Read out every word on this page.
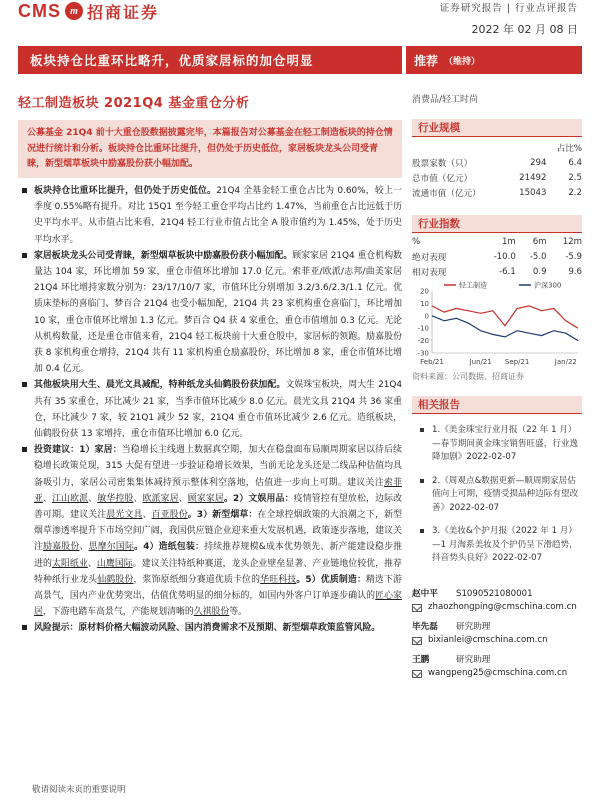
CMS m 招商证券	证券研究报告 | 行业点评报告
2022 年 02 月 08 日
板块持仓比重环比略升，优质家居标的加仓明显	推荐 （维持）
轻工制造板块 2021Q4 基金重仓分析
公募基金 21Q4 前十大重仓股数据披露完毕，本篇报告对公募基金在轻工制造板块的持仓情况进行统计和分析。板块持仓比重环比提升，但仍处于历史低位，家居板块龙头公司受青睐，新型烟草板块中励嘉股份获小幅加配。
板块持仓比重环比提升，但仍处于历史低位。21Q4 全基金轻工重仓占比为 0.60%，较上一季度 0.55%略有提升。对比 15Q1 至今轻工重仓平均占比约 1.47%，当前重仓占比远低于历史平均水平。从市值占比来看，21Q4 轻工行业市值占比全 A 股市值约为 1.45%，处于历史平均水平。
家居板块龙头公司受青睐，新型烟草板块中励嘉股份获小幅加配。顾家家居 21Q4 重仓机构数量达 104 家，环比增加 59 家，重仓市值环比增加 17.0 亿元。索菲亚/欧派/志邦/曲美家居 21Q4 环比增持家数分别为：23/17/10/7 家，市值环比分别增加 3.2/3.6/2.3/1.1 亿元。优质床垫标的喜临门、梦百合 21Q4 也受小幅加配，21Q4 共 23 家机构重仓喜临门，环比增加 10 家，重仓市值环比增加 1.3 亿元。梦百合 Q4 获 4 家重仓，重仓市值增加 0.3 亿元。无论从机构数量，还是重仓市值来看，21Q4 轻工板块前十大重仓股中，家居标的领跑。励嘉股份获 8 家机构重仓增持，21Q4 共有 11 家机构重仓励嘉股份，环比增加 8 家，重仓市值环比增加 0.4 亿元。
其他板块用大生、晨光文具减配，特种纸龙头仙鹤股份获加配。文娱珠宝板块，周大生 21Q4 共有 35 家重仓，环比减少 21 家，当季市值环比减少 8.0 亿元。晨光文具 21Q4 共 36 家重仓，环比减少 7 家，较 21Q1 减少 52 家，21Q4 重仓市值环比减少 2.6 亿元。造纸板块，仙鹤股份获 13 家增持，重仓市值环比增加 6.0 亿元。
投资建议：1）家居：当稳增长主线週上数据真空期，加大在稳盘面布局顺周期家居以待后续稳增长政策兑现，315 大促有望进一步验证稳增长效果，当前无论龙头还是二线品种估值均具备吸引力，家居公司密集集体减持预示整体利空落地，估值进一步向上可期。建议关注索菲亚、江山欧派、敏华控股、欧派家居、顾家家居。2）文娱用品：疫情管控有望放松，边际改善可期。建议关注晨光文具、百亚股份。3）新型烟草：在全球控烟政策的大浪潮之下，新型烟草渗透率提升下市场空间广阔，我国供应链企业迎来重大发展机遇，政策逐步落地，建议关注励嘉股份、思摩尔国际。4）造纸包装：持续推荐规模&成本优势领先、新产能建设稳步推进的太阳纸业、山鹰国际。建议关注特纸种赛道，龙头企业壁垒显著、产业链地位较优，推荐特种纸行业龙头仙鹤股份，浆饰原纸细分赛道优质卡位的华旺科技。5）优质制造：精选下游高景气，国内产业优势突出，估值优势明显的细分标的，如国内外客户订单逐步确认的匠心家居，下游电踏车高景气，产能规划清晰的久祺股份等。
风险提示：原材料价格大幅波动风险、国内消费需求不及预期、新型烟草政策监管风险。
消费品/轻工时尚
行业规模
		占比%
股票家数（只）	294	6.4
总市值（亿元）	21492	2.5
流通市值（亿元）	15043	2.2
行业指数
%	1m	6m	12m
绝对表现	-10.0	-5.0	-5.9
相对表现	-6.1	0.9	9.6
20
10
0
-10
-20
-30
Feb/21	Jun/21 Sep/21	Jan/22
轻工制造	沪深300
资料来源：公司数据、招商证券
相关报告
1.《美金珠宝行业月报（22 年 1 月）—春节期间黄金珠宝销售旺盛，行业逸降加剧》2022-02-07
2.《周观点&数据更新—顺周期家居估值向上可期，疫情受损品种边际有望改善》2022-02-07
3.《美妆&个护月报（2022 年 1 月）—1 月淘系美妆及个护仍呈下滑趋势，抖音势头良好》2022-02-07
赵中平 S1090521080001
zhaozhongping@cmschina.com.cn
毕先磊 研究助理
bixianlei@cmschina.com.cn
王鹏	研究助理
wangpeng25@cmschina.com.cn
敬请阅读末页的重要说明
